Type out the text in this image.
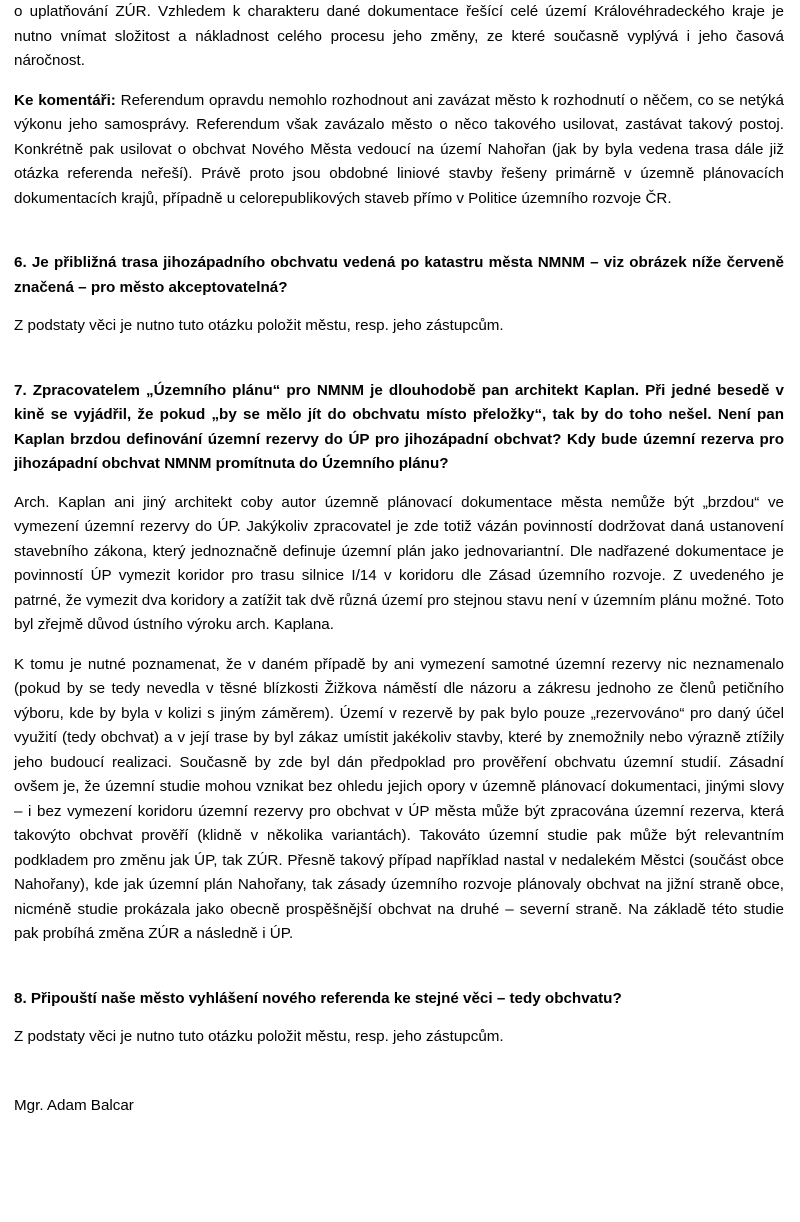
o uplatňování ZÚR. Vzhledem k charakteru dané dokumentace řešící celé území Královéhradeckého kraje je nutno vnímat složitost a nákladnost celého procesu jeho změny, ze které současně vyplývá i jeho časová náročnost.

Ke komentáři: Referendum opravdu nemohlo rozhodnout ani zavázat město k rozhodnutí o něčem, co se netýká výkonu jeho samosprávy. Referendum však zavázalo město o něco takového usilovat, zastávat takový postoj. Konkrétně pak usilovat o obchvat Nového Města vedoucí na území Nahořan (jak by byla vedena trasa dále již otázka referenda neřeší). Právě proto jsou obdobné liniové stavby řešeny primárně v územně plánovacích dokumentacích krajů, případně u celorepublikových staveb přímo v Politice územního rozvoje ČR.

6. Je přibližná trasa jihozápadního obchvatu vedená po katastru města NMNM – viz obrázek níže červeně značená – pro město akceptovatelná?

Z podstaty věci je nutno tuto otázku položit městu, resp. jeho zástupcům.

7. Zpracovatelem „Územního plánu“ pro NMNM je dlouhodobě pan architekt Kaplan. Při jedné besedě v kině se vyjádřil, že pokud „by se mělo jít do obchvatu místo přeložky“, tak by do toho nešel. Není pan Kaplan brzdou definování územní rezervy do ÚP pro jihozápadní obchvat? Kdy bude územní rezerva pro jihozápadní obchvat NMNM promítnuta do Územního plánu?

Arch. Kaplan ani jiný architekt coby autor územně plánovací dokumentace města nemůže být „brzdou“ ve vymezení územní rezervy do ÚP. Jakýkoliv zpracovatel je zde totiž vázán povinností dodržovat daná ustanovení stavebního zákona, který jednoznačně definuje územní plán jako jednovariantní. Dle nadřazené dokumentace je povinností ÚP vymezit koridor pro trasu silnice I/14 v koridoru dle Zásad územního rozvoje. Z uvedeného je patrné, že vymezit dva koridory a zatížit tak dvě různá území pro stejnou stavu není v územním plánu možné. Toto byl zřejmě důvod ústního výroku arch. Kaplana.

K tomu je nutné poznamenat, že v daném případě by ani vymezení samotné územní rezervy nic neznamenalo (pokud by se tedy nevedla v těsné blízkosti Žižkova náměstí dle názoru a zákresu jednoho ze členů petičního výboru, kde by byla v kolizi s jiným záměrem). Území v rezervě by pak bylo pouze „rezervováno“ pro daný účel využití (tedy obchvat) a v její trase by byl zákaz umístit jakékoliv stavby, které by znemožnily nebo výrazně ztížily jeho budoucí realizaci. Současně by zde byl dán předpoklad pro prověření obchvatu územní studií. Zásadní ovšem je, že územní studie mohou vznikat bez ohledu jejich opory v územně plánovací dokumentaci, jinými slovy – i bez vymezení koridoru územní rezervy pro obchvat v ÚP města může být zpracována územní rezerva, která takovýto obchvat prověří (klidně v několika variantách). Takováto územní studie pak může být relevantním podkladem pro změnu jak ÚP, tak ZÚR. Přesně takový případ například nastal v nedalekém Městci (součást obce Nahořany), kde jak územní plán Nahořany, tak zásady územního rozvoje plánovaly obchvat na jižní straně obce, nicméně studie prokázala jako obecně prospěšnější obchvat na druhé – severní straně. Na základě této studie pak probíhá změna ZÚR a následně i ÚP.

8. Připouští naše město vyhlášení nového referenda ke stejné věci – tedy obchvatu?

Z podstaty věci je nutno tuto otázku položit městu, resp. jeho zástupcům.

Mgr. Adam Balcar
